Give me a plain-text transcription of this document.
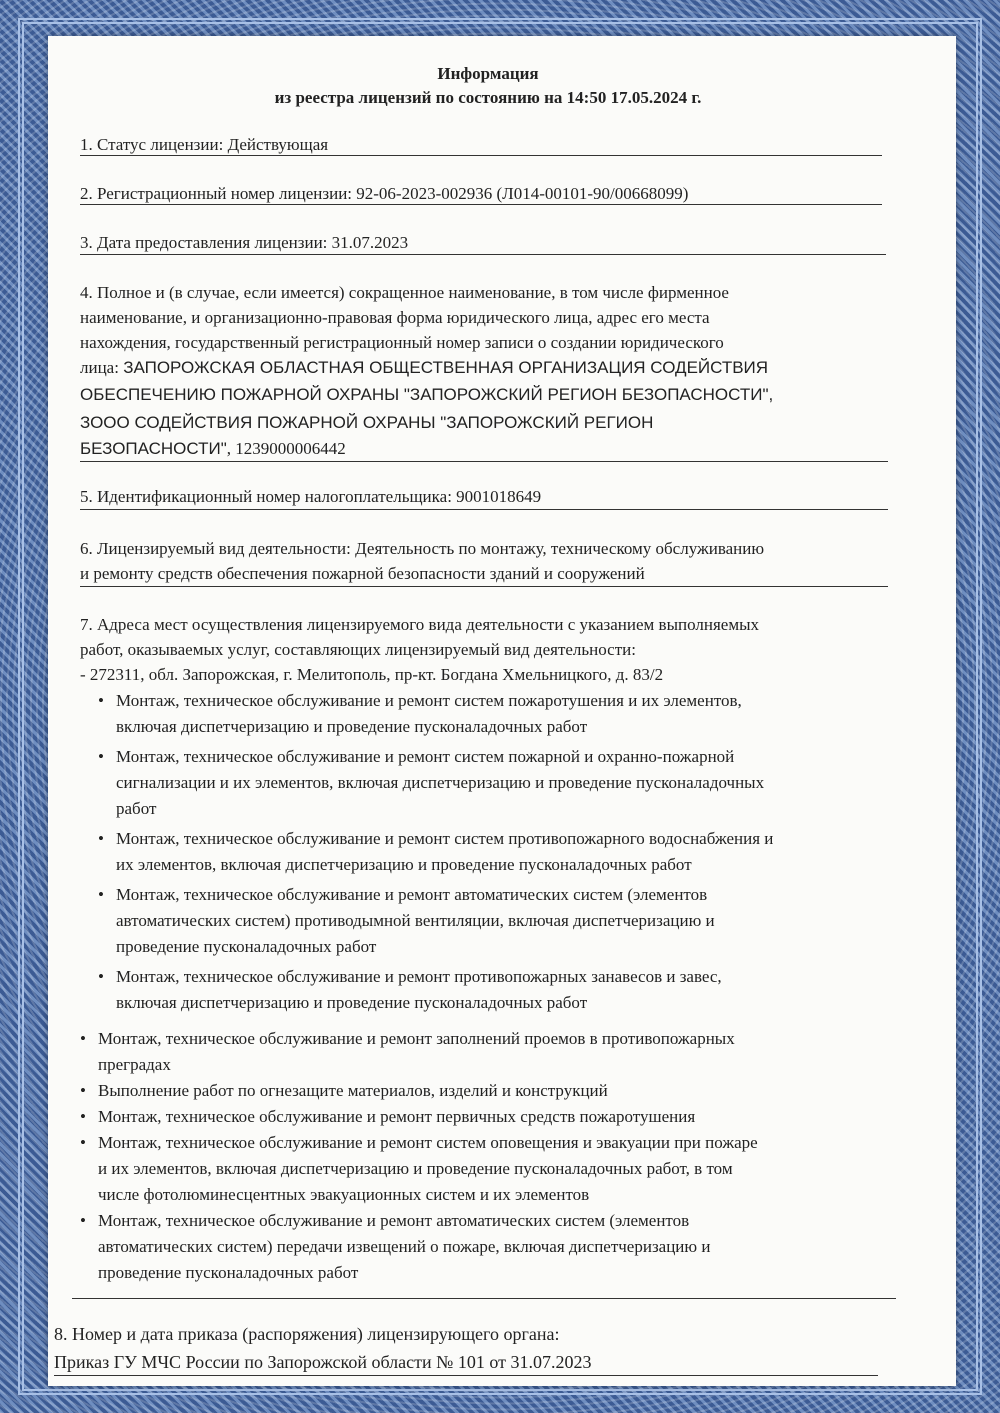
Информация
из реестра лицензий по состоянию на 14:50 17.05.2024 г.
1. Статус лицензии: Действующая
2. Регистрационный номер лицензии: 92-06-2023-002936 (Л014-00101-90/00668099)
3. Дата предоставления лицензии: 31.07.2023
4. Полное и (в случае, если имеется) сокращенное наименование, в том числе фирменное
наименование, и организационно-правовая форма юридического лица, адрес его места
нахождения, государственный регистрационный номер записи о создании юридического
лица: ЗАПОРОЖСКАЯ ОБЛАСТНАЯ ОБЩЕСТВЕННАЯ ОРГАНИЗАЦИЯ СОДЕЙСТВИЯ
ОБЕСПЕЧЕНИЮ ПОЖАРНОЙ ОХРАНЫ "ЗАПОРОЖСКИЙ РЕГИОН БЕЗОПАСНОСТИ",
ЗООО СОДЕЙСТВИЯ ПОЖАРНОЙ ОХРАНЫ "ЗАПОРОЖСКИЙ РЕГИОН
БЕЗОПАСНОСТИ", 1239000006442
5. Идентификационный номер налогоплательщика: 9001018649
6. Лицензируемый вид деятельности: Деятельность по монтажу, техническому обслуживанию
и ремонту средств обеспечения пожарной безопасности зданий и сооружений
7. Адреса мест осуществления лицензируемого вида деятельности с указанием выполняемых
работ, оказываемых услуг, составляющих лицензируемый вид деятельности:
- 272311, обл. Запорожская, г. Мелитополь, пр-кт. Богдана Хмельницкого, д. 83/2
• Монтаж, техническое обслуживание и ремонт систем пожаротушения и их элементов,
включая диспетчеризацию и проведение пусконаладочных работ
• Монтаж, техническое обслуживание и ремонт систем пожарной и охранно-пожарной
сигнализации и их элементов, включая диспетчеризацию и проведение пусконаладочных
работ
• Монтаж, техническое обслуживание и ремонт систем противопожарного водоснабжения и
их элементов, включая диспетчеризацию и проведение пусконаладочных работ
• Монтаж, техническое обслуживание и ремонт автоматических систем (элементов
автоматических систем) противодымной вентиляции, включая диспетчеризацию и
проведение пусконаладочных работ
• Монтаж, техническое обслуживание и ремонт противопожарных занавесов и завес,
включая диспетчеризацию и проведение пусконаладочных работ
• Монтаж, техническое обслуживание и ремонт заполнений проемов в противопожарных
преградах
• Выполнение работ по огнезащите материалов, изделий и конструкций
• Монтаж, техническое обслуживание и ремонт первичных средств пожаротушения
• Монтаж, техническое обслуживание и ремонт систем оповещения и эвакуации при пожаре
и их элементов, включая диспетчеризацию и проведение пусконаладочных работ, в том
числе фотолюминесцентных эвакуационных систем и их элементов
• Монтаж, техническое обслуживание и ремонт автоматических систем (элементов
автоматических систем) передачи извещений о пожаре, включая диспетчеризацию и
проведение пусконаладочных работ
8. Номер и дата приказа (распоряжения) лицензирующего органа:
Приказ ГУ МЧС России по Запорожской области № 101 от 31.07.2023
